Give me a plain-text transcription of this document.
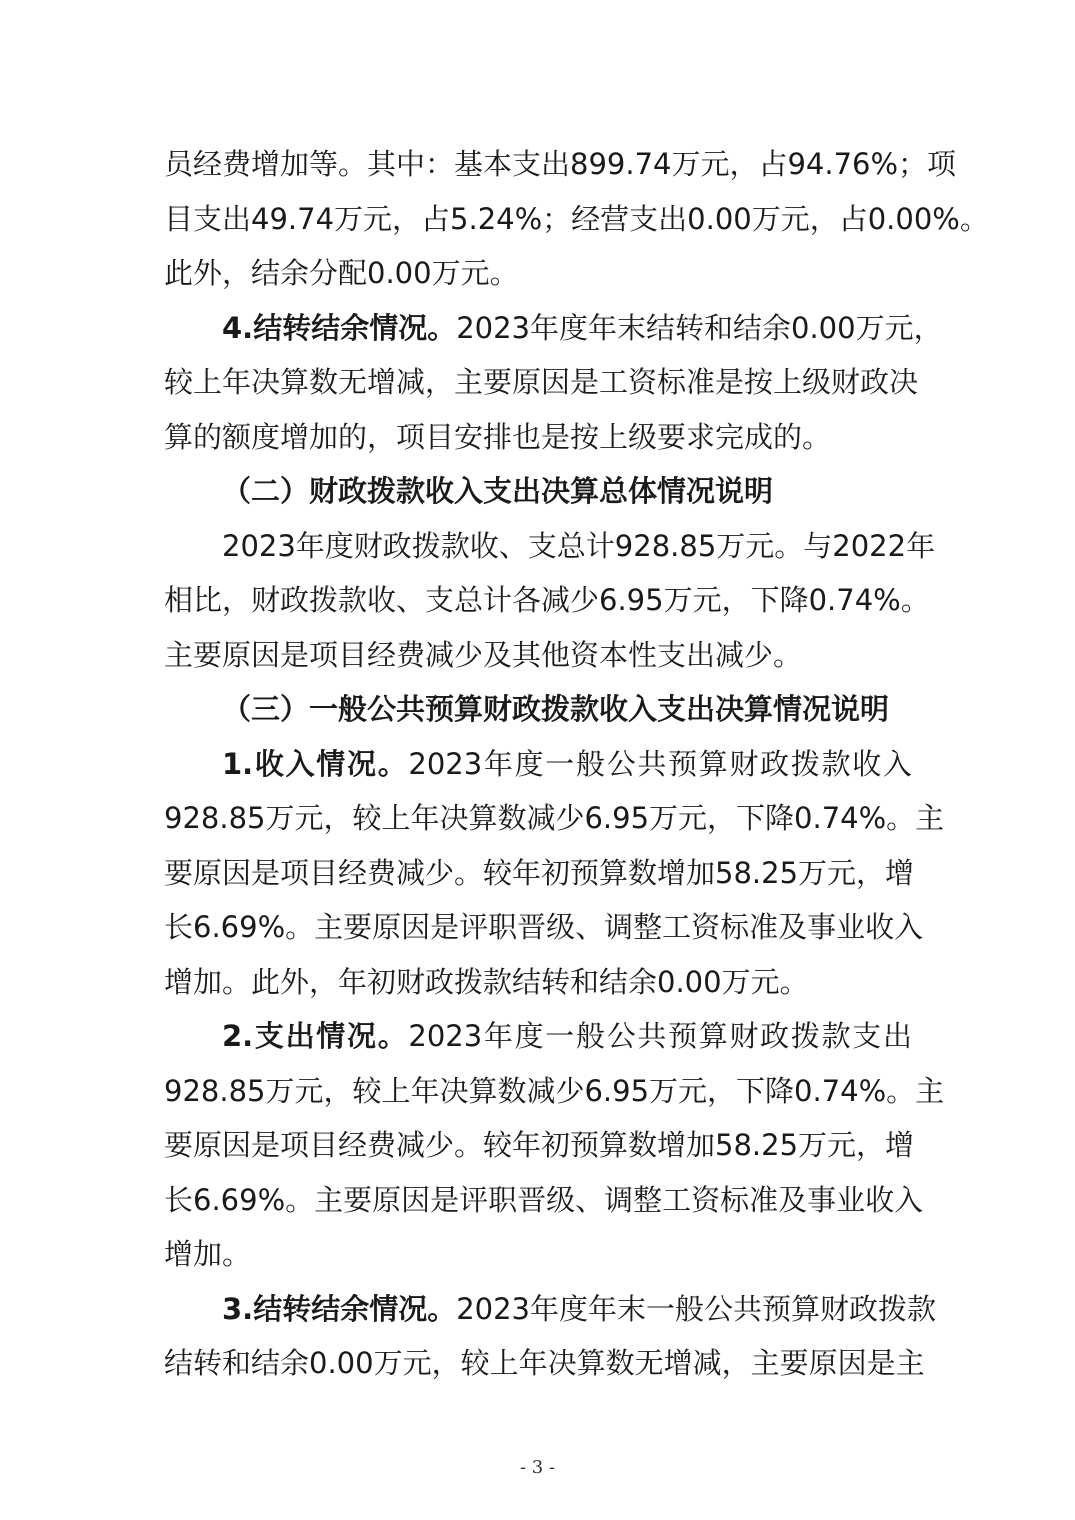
员经费增加等。其中：基本支出899.74万元，占94.76%；项
目支出49.74万元，占5.24%；经营支出0.00万元，占0.00%。
此外，结余分配0.00万元。
4.结转结余情况。2023年度年末结转和结余0.00万元，
较上年决算数无增减，主要原因是工资标准是按上级财政决
算的额度增加的，项目安排也是按上级要求完成的。
（二）财政拨款收入支出决算总体情况说明
2023年度财政拨款收、支总计928.85万元。与2022年
相比，财政拨款收、支总计各减少6.95万元，下降0.74%。
主要原因是项目经费减少及其他资本性支出减少。
（三）一般公共预算财政拨款收入支出决算情况说明
1.收入情况。2023年度一般公共预算财政拨款收入
928.85万元，较上年决算数减少6.95万元，下降0.74%。主
要原因是项目经费减少。较年初预算数增加58.25万元，增
长6.69%。主要原因是评职晋级、调整工资标准及事业收入
增加。此外，年初财政拨款结转和结余0.00万元。
2.支出情况。2023年度一般公共预算财政拨款支出
928.85万元，较上年决算数减少6.95万元，下降0.74%。主
要原因是项目经费减少。较年初预算数增加58.25万元，增
长6.69%。主要原因是评职晋级、调整工资标准及事业收入
增加。
3.结转结余情况。2023年度年末一般公共预算财政拨款
结转和结余0.00万元，较上年决算数无增减，主要原因是主
- 3 -
